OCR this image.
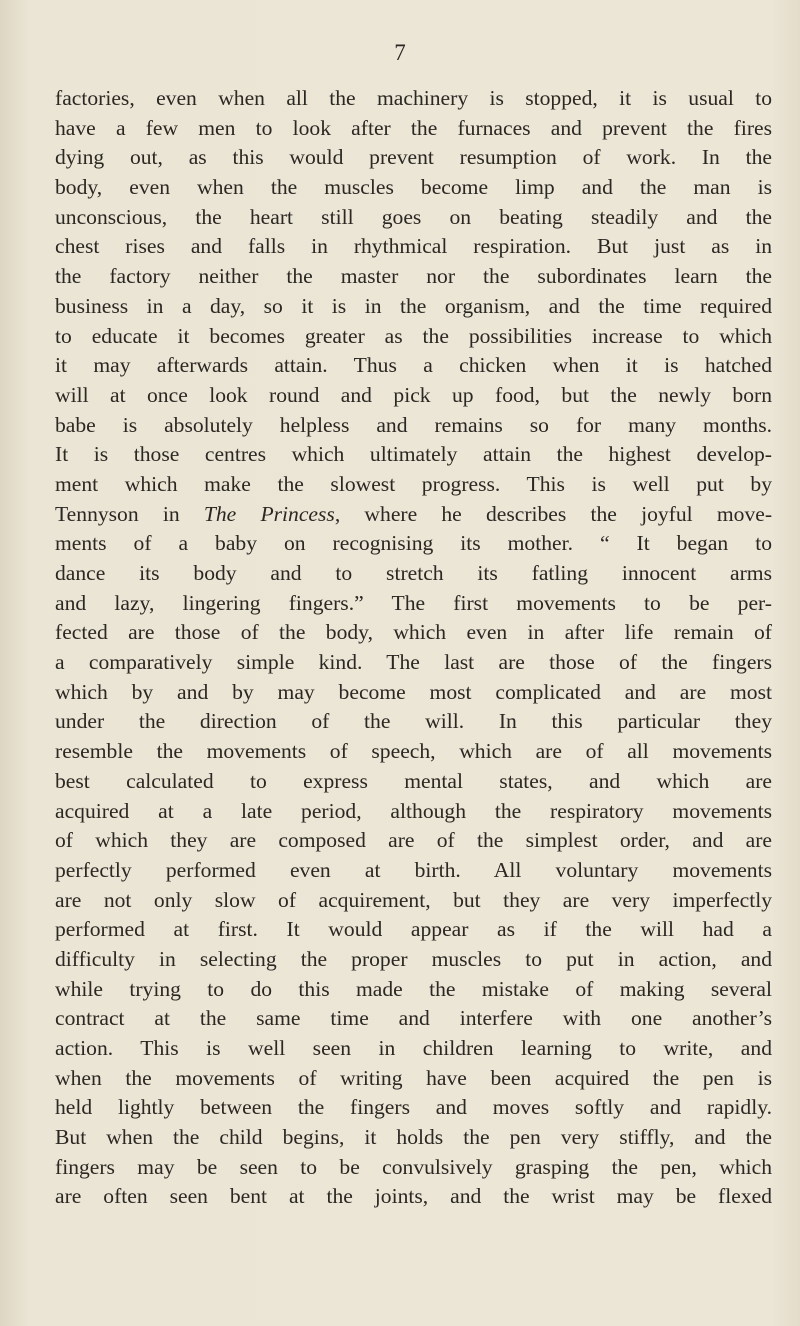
7
factories, even when all the machinery is stopped, it is usual to
have a few men to look after the furnaces and prevent the fires
dying out, as this would prevent resumption of work. In the
body, even when the muscles become limp and the man is
unconscious, the heart still goes on beating steadily and the
chest rises and falls in rhythmical respiration. But just as in
the factory neither the master nor the subordinates learn the
business in a day, so it is in the organism, and the time required
to educate it becomes greater as the possibilities increase to which
it may afterwards attain. Thus a chicken when it is hatched
will at once look round and pick up food, but the newly born
babe is absolutely helpless and remains so for many months.
It is those centres which ultimately attain the highest develop-
ment which make the slowest progress. This is well put by
Tennyson in The Princess, where he describes the joyful move-
ments of a baby on recognising its mother. “ It began to
dance its body and to stretch its fatling innocent arms
and lazy, lingering fingers.” The first movements to be per-
fected are those of the body, which even in after life remain of
a comparatively simple kind. The last are those of the fingers
which by and by may become most complicated and are most
under the direction of the will. In this particular they
resemble the movements of speech, which are of all movements
best calculated to express mental states, and which are
acquired at a late period, although the respiratory movements
of which they are composed are of the simplest order, and are
perfectly performed even at birth. All voluntary movements
are not only slow of acquirement, but they are very imperfectly
performed at first. It would appear as if the will had a
difficulty in selecting the proper muscles to put in action, and
while trying to do this made the mistake of making several
contract at the same time and interfere with one another’s
action. This is well seen in children learning to write, and
when the movements of writing have been acquired the pen is
held lightly between the fingers and moves softly and rapidly.
But when the child begins, it holds the pen very stiffly, and the
fingers may be seen to be convulsively grasping the pen, which
are often seen bent at the joints, and the wrist may be flexed
